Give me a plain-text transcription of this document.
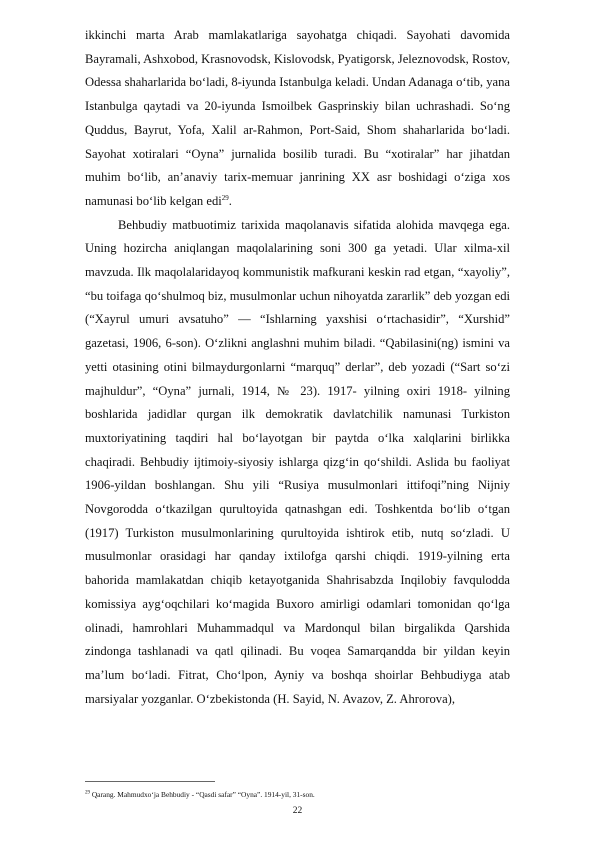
ikkinchi marta Arab mamlakatlariga sayohatga chiqadi. Sayohati davomida Bayramali, Ashxobod, Krasnovodsk, Kislovodsk, Pyatigorsk, Jeleznovodsk, Rostov, Odessa shaharlarida bo‘ladi, 8-iyunda Istanbulga keladi. Undan Adanaga o‘tib, yana Istanbulga qaytadi va 20-iyunda Ismoilbek Gasprinskiy bilan uchrashadi. So‘ng Quddus, Bayrut, Yofa, Xalil ar-Rahmon, Port-Said, Shom shaharlarida bo‘ladi. Sayohat xotiralari “Oyna” jurnalida bosilib turadi. Bu “xotiralar” har jihatdan muhim bo‘lib, an’anaviy tarix-memuar janrining XX asr boshidagi o‘ziga xos namunasi bo‘lib kelgan edi$^{29}$.

Behbudiy matbuotimiz tarixida maqolanavis sifatida alohida mavqega ega. Uning hozircha aniqlangan maqolalarining soni 300 ga yetadi. Ular xilma-xil mavzuda. Ilk maqolalaridayoq kommunistik mafkurani keskin rad etgan, “xayoliy”, “bu toifaga qo‘shulmoq biz, musulmonlar uchun nihoyatda zararlik” deb yozgan edi (“Xayrul umuri avsatuho” — “Ishlarning yaxshisi o‘rtachasidir”, “Xurshid” gazetasi, 1906, 6-son). O‘zlikni anglashni muhim biladi. “Qabilasini(ng) ismini va yetti otasining otini bilmaydurgonlarni “marquq” derlar”, deb yozadi (“Sart so‘zi majhuldur”, “Oyna” jurnali, 1914, № 23). 1917- yilning oxiri 1918- yilning boshlarida jadidlar qurgan ilk demokratik davlatchilik namunasi Turkiston muxtoriyatining taqdiri hal bo‘layotgan bir paytda o‘lka xalqlarini birlikka chaqiradi. Behbudiy ijtimoiy-siyosiy ishlarga qizg‘in qo‘shildi. Aslida bu faoliyat 1906-yildan boshlangan. Shu yili “Rusiya musulmonlari ittifoqi”ning Nijniy Novgorodda o‘tkazilgan qurultoyida qatnashgan edi. Toshkentda bo‘lib o‘tgan (1917) Turkiston musulmonlarining qurultoyida ishtirok etib, nutq so‘zladi. U musulmonlar orasidagi har qanday ixtilofga qarshi chiqdi. 1919-yilning erta bahorida mamlakatdan chiqib ketayotganida Shahrisabzda Inqilobiy favqulodda komissiya ayg‘oqchilari ko‘magida Buxoro amirligi odamlari tomonidan qo‘lga olinadi, hamrohlari Muhammadqul va Mardonqul bilan birgalikda Qarshida zindonga tashlanadi va qatl qilinadi. Bu voqea Samarqandda bir yildan keyin ma’lum bo‘ladi. Fitrat, Cho‘lpon, Ayniy va boshqa shoirlar Behbudiyga atab marsiyalar yozganlar. O‘zbekistonda (H. Sayid, N. Avazov, Z. Ahrorova),

$^{29}$ Qarang. Mahmudxo‘ja Behbudiy - “Qasdi safar” “Oyna”. 1914-yil, 31-son.
22
